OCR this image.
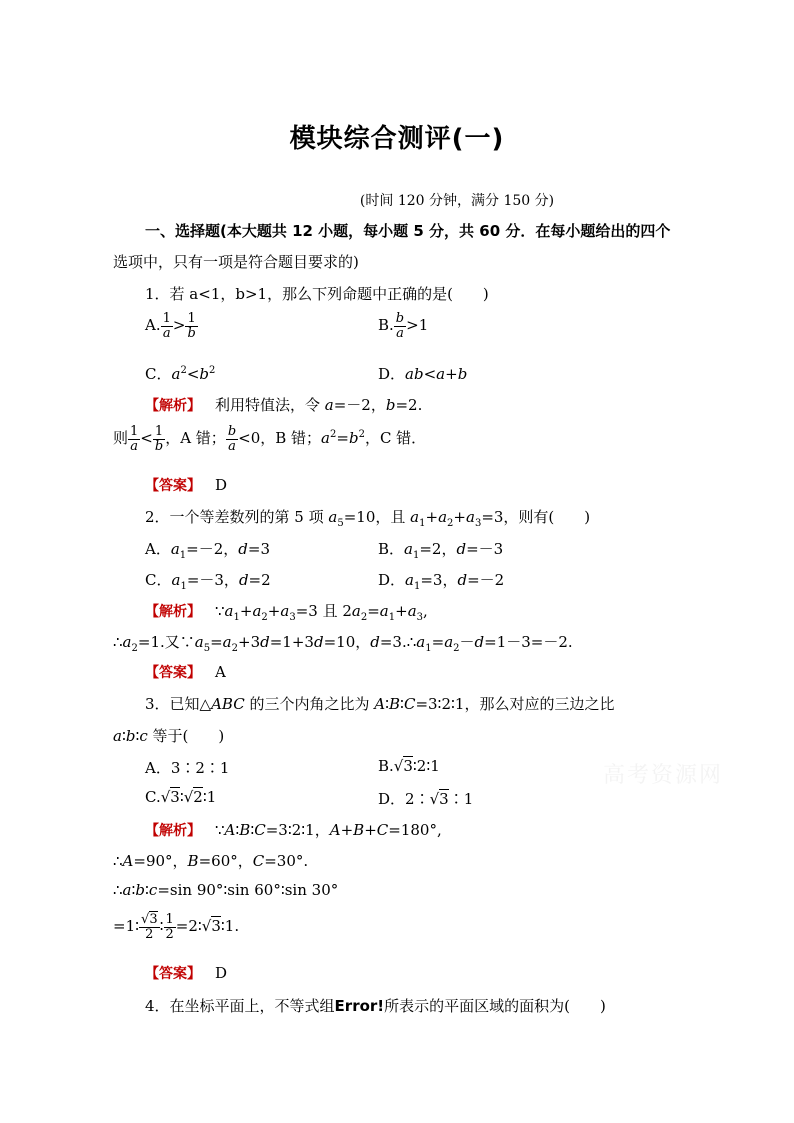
模块综合测评(一)
(时间 120 分钟，满分 150 分)
一、选择题(本大题共 12 小题，每小题 5 分，共 60 分．在每小题给出的四个
选项中，只有一项是符合题目要求的)
1．若 a<1，b>1，那么下列命题中正确的是(　　)
A. $\frac{1}{a} > \frac{1}{b}$	B. $\frac{b}{a} >1$
C．$a^2<b^2$	D．ab<a+b
【解析】 利用特值法，令 a=－2，b=2.
则 $\frac{1}{a} < \frac{1}{b}$ ，A 错； $\frac{b}{a} <0$，B 错；$a^2=b^2$，C 错．
【答案】 D
2．一个等差数列的第 5 项 $a_5=10$，且 $a_1+a_2+a_3=3$，则有(　　)
A．$a_1=-2$，d=3	B．$a_1=2$，d=－3
C．$a_1=-3$，d=2	D．$a_1=3$，d=－2
【解析】 $\because a_1+a_2+a_3=3$ 且 $2a_2=a_1+a_3$,
$\therefore a_2=1$.又$\because a_5=a_2+3d=1+3d=10$，$d=3.\therefore a_1=a_2-d=1-3=-2$.
【答案】 A
3．已知△ABC 的三个内角之比为 A∶B∶C=3∶2∶1，那么对应的三边之比
a∶b∶c 等于(　　)
A．3∶2∶1	B.√3∶2∶1
C.√3∶√2∶1	D．2∶√3∶1
【解析】 ∵A∶B∶C=3∶2∶1，A+B+C=180°,
∴A=90°，B=60°，C=30°.
∴a∶b∶c=sin 90°∶sin 60°∶sin 30°
=1∶ $\frac{√3}{2}$ ∶ $\frac{1}{2}$ =2∶√3∶1.
【答案】 D
4．在坐标平面上，不等式组Error!所表示的平面区域的面积为(　　)
高考资源网
